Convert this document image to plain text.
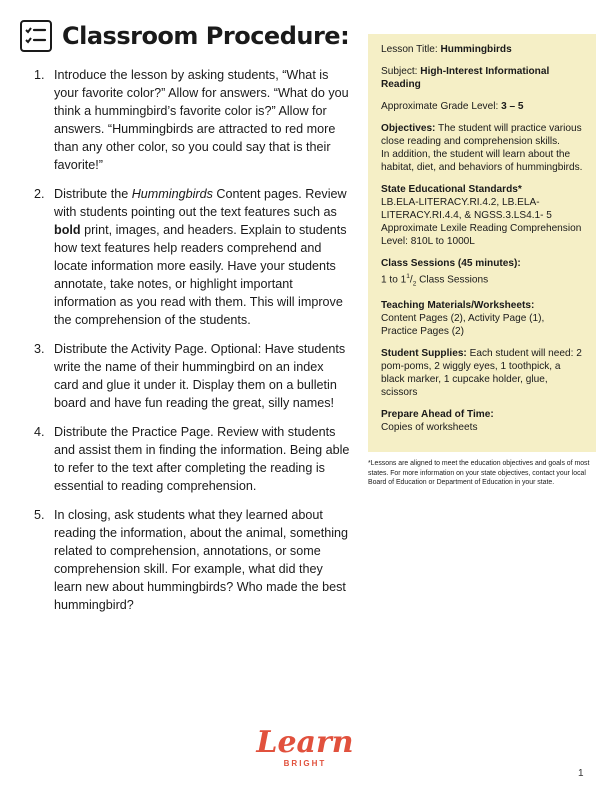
Classroom Procedure:
1. Introduce the lesson by asking students, “What is your favorite color?” Allow for answers. “What do you think a hummingbird’s favorite color is?” Allow for answers. “Hummingbirds are attracted to red more than any other color, so you could say that is their favorite!”
2. Distribute the Hummingbirds Content pages. Review with students pointing out the text features such as bold print, images, and headers. Explain to students how text features help readers comprehend and locate information more easily. Have your students annotate, take notes, or highlight important information as you read with them. This will improve the comprehension of the students.
3. Distribute the Activity Page. Optional: Have students write the name of their hummingbird on an index card and glue it under it. Display them on a bulletin board and have fun reading the great, silly names!
4. Distribute the Practice Page. Review with students and assist them in finding the information. Being able to refer to the text after completing the reading is essential to reading comprehension.
5. In closing, ask students what they learned about reading the information, about the animal, something related to comprehension, annotations, or some comprehension skill. For example, what did they learn new about hummingbirds? Who made the best hummingbird?

Lesson Title: Hummingbirds

Subject: High-Interest Informational Reading

Approximate Grade Level: 3 – 5

Objectives: The student will practice various close reading and comprehension skills.
In addition, the student will learn about the habitat, diet, and behaviors of hummingbirds.

State Educational Standards*
LB.ELA-LITERACY.RI.4.2, LB.ELA-LITERACY.RI.4.4, & NGSS.3.LS4.1- 5
Approximate Lexile Reading Comprehension Level: 810L to 1000L

Class Sessions (45 minutes):
1 to $1^1/_2$ Class Sessions

Teaching Materials/Worksheets:
Content Pages (2), Activity Page (1),
Practice Pages (2)

Student Supplies: Each student will need: 2 pom-poms, 2 wiggly eyes, 1 toothpick, a black marker, 1 cupcake holder, glue, scissors

Prepare Ahead of Time:
Copies of worksheets

*Lessons are aligned to meet the education objectives and goals of most states. For more information on your state objectives, contact your local Board of Education or Department of Education in your state.
Learn
BRIGHT
1
